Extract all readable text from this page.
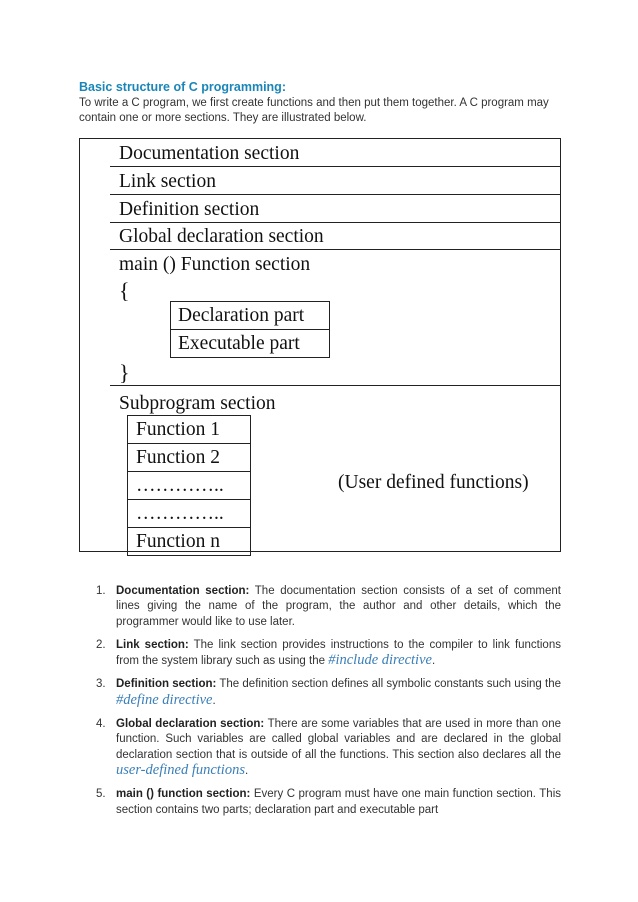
Basic structure of C programming:
To write a C program, we first create functions and then put them together. A C program may contain one or more sections. They are illustrated below.
Documentation section
Link section
Definition section
Global declaration section
main () Function section
{
Declaration part
Executable part
}
Subprogram section
Function 1
Function 2
…………..
…………..
Function n
(User defined functions)
1. Documentation section: The documentation section consists of a set of comment lines giving the name of the program, the author and other details, which the programmer would like to use later.
2. Link section: The link section provides instructions to the compiler to link functions from the system library such as using the #include directive.
3. Definition section: The definition section defines all symbolic constants such using the #define directive.
4. Global declaration section: There are some variables that are used in more than one function. Such variables are called global variables and are declared in the global declaration section that is outside of all the functions. This section also declares all the user-defined functions.
5. main () function section: Every C program must have one main function section. This section contains two parts; declaration part and executable part
